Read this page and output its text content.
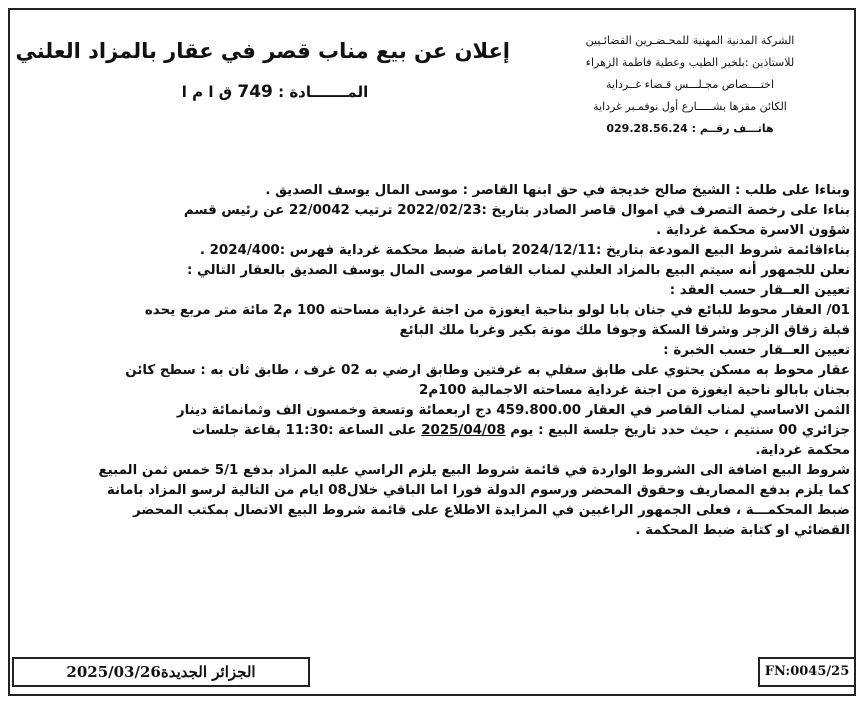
الشركة المدنية المهنية للمحـضـرين القضائـيين
للاستاذين :بلخير الطيب وعطية فاطمة الزهراء
اختــــصاص مجـلـــس قـضاء غــرداية
الكائن مقرها بشـــــارع أول نوفمـبر غرداية
هاتـــف رقــم : 029.28.56.24
إعلان عن بيع مناب قصر في عقار بالمزاد العلني
المـــــــادة : 749 ق ا م ا

وبناءا على طلب : الشيخ صالح خديجة في حق ابنها القاصر : موسى المال يوسف الصديق .

بناءا على رخصة التصرف في اموال قاصر الصادر بتاريخ :2022/02/23 ترتيب 22/0042 عن رئيس قسم

شؤون الاسرة محكمة غرداية .

بناءاقائمة شروط البيع المودعة بتاريخ :2024/12/11 بامانة ضبط محكمة غرداية فهرس :2024/400 .

نعلن للجمهور أنه سيتم البيع بالمزاد العلني لمناب القاصر موسى المال يوسف الصديق بالعقار التالي :

تعيين العــقار حسب العقد :

01/ العقار محوط للبائع في جنان بابا لولو بناحية ايغوزة من اجنة غرداية مساحته 100 م2 مائة متر مربع يحده

قبلة زقاق الزجر وشرقا السكة وجوفا ملك مونة بكير وغربا ملك البائع

تعيين العــقار حسب الخبرة :

عقار محوط به مسكن يحتوي على طابق سفلي به غرفتين وطابق ارضي به 02 غرف ، طابق ثان به : سطح كائن

بجنان بابالو ناحية ايغوزة من اجنة غرداية مساحته الاجمالية 100م2

الثمن الاساسي لمناب القاصر في العقار 459.800.00 دج اربعمائة وتسعة وخمسون الف وثمانمائة دينار

جزائري 00 سنتيم ، حيث حدد تاريخ جلسة البيع : يوم 2025/04/08 على الساعة :11:30 بقاعة جلسات

محكمة غرداية.

شروط البيع اضافة الى الشروط الواردة في قائمة شروط البيع يلزم الراسي عليه المزاد بدفع 5/1 خمس ثمن المبيع

كما يلزم بدفع المصاريف وحقوق المحضر ورسوم الدولة فورا اما الباقي خلال08 ايام من التالية لرسو المزاد بامانة

ضبط المحكمـــة ، فعلى الجمهور الراغبين في المزايدة الاطلاع على قائمة شروط البيع الاتصال بمكتب المحضر

القضائي او كتابة ضبط المحكمة .

الجزائر الجديدة2025/03/26	FN:0045/25
